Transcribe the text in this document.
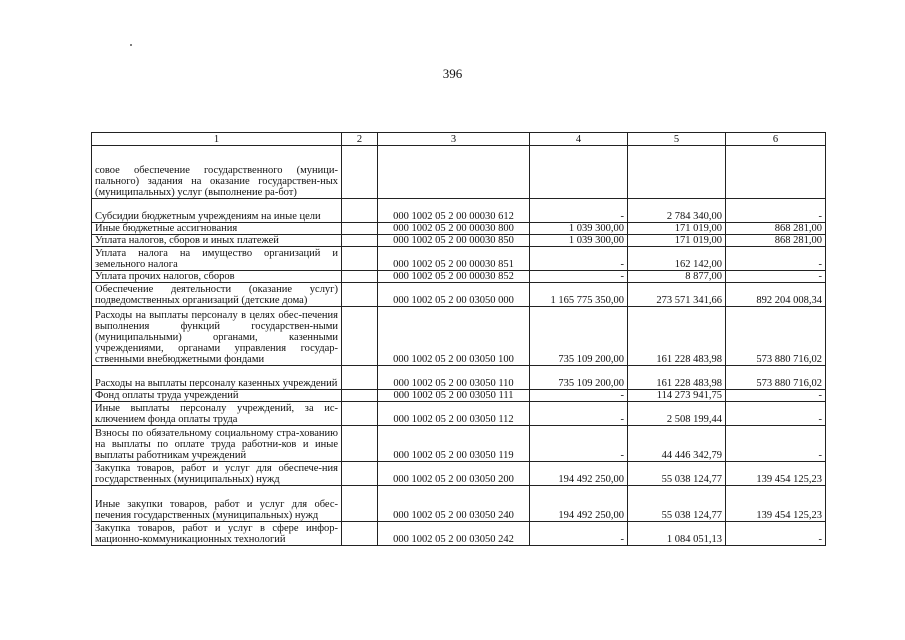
396
1	2	3	4	5	6
совое обеспечение государственного (муници-пального) задания на оказание государствен-ных (муниципальных) услуг (выполнение ра-бот)					
Субсидии бюджетным учреждениям на иные цели		000 1002 05 2 00 00030 612	-	2 784 340,00	-
Иные бюджетные ассигнования		000 1002 05 2 00 00030 800	1 039 300,00	171 019,00	868 281,00
Уплата налогов, сборов и иных платежей		000 1002 05 2 00 00030 850	1 039 300,00	171 019,00	868 281,00
Уплата налога на имущество организаций и земельного налога		000 1002 05 2 00 00030 851	-	162 142,00	-
Уплата прочих налогов, сборов		000 1002 05 2 00 00030 852	-	8 877,00	-
Обеспечение деятельности (оказание услуг) подведомственных организаций (детские дома)		000 1002 05 2 00 03050 000	1 165 775 350,00	273 571 341,66	892 204 008,34
Расходы на выплаты персоналу в целях обес-печения выполнения функций государствен-ными (муниципальными) органами, казенными учреждениями, органами управления государ-ственными внебюджетными фондами		000 1002 05 2 00 03050 100	735 109 200,00	161 228 483,98	573 880 716,02
Расходы на выплаты персоналу казенных учреждений		000 1002 05 2 00 03050 110	735 109 200,00	161 228 483,98	573 880 716,02
Фонд оплаты труда учреждений		000 1002 05 2 00 03050 111	-	114 273 941,75	-
Иные выплаты персоналу учреждений, за ис-ключением фонда оплаты труда		000 1002 05 2 00 03050 112	-	2 508 199,44	-
Взносы по обязательному социальному стра-хованию на выплаты по оплате труда работни-ков и иные выплаты работникам учреждений		000 1002 05 2 00 03050 119	-	44 446 342,79	-
Закупка товаров, работ и услуг для обеспече-ния государственных (муниципальных) нужд		000 1002 05 2 00 03050 200	194 492 250,00	55 038 124,77	139 454 125,23
Иные закупки товаров, работ и услуг для обес-печения государственных (муниципальных) нужд		000 1002 05 2 00 03050 240	194 492 250,00	55 038 124,77	139 454 125,23
Закупка товаров, работ и услуг в сфере инфор-мационно-коммуникационных технологий		000 1002 05 2 00 03050 242	-	1 084 051,13	-
